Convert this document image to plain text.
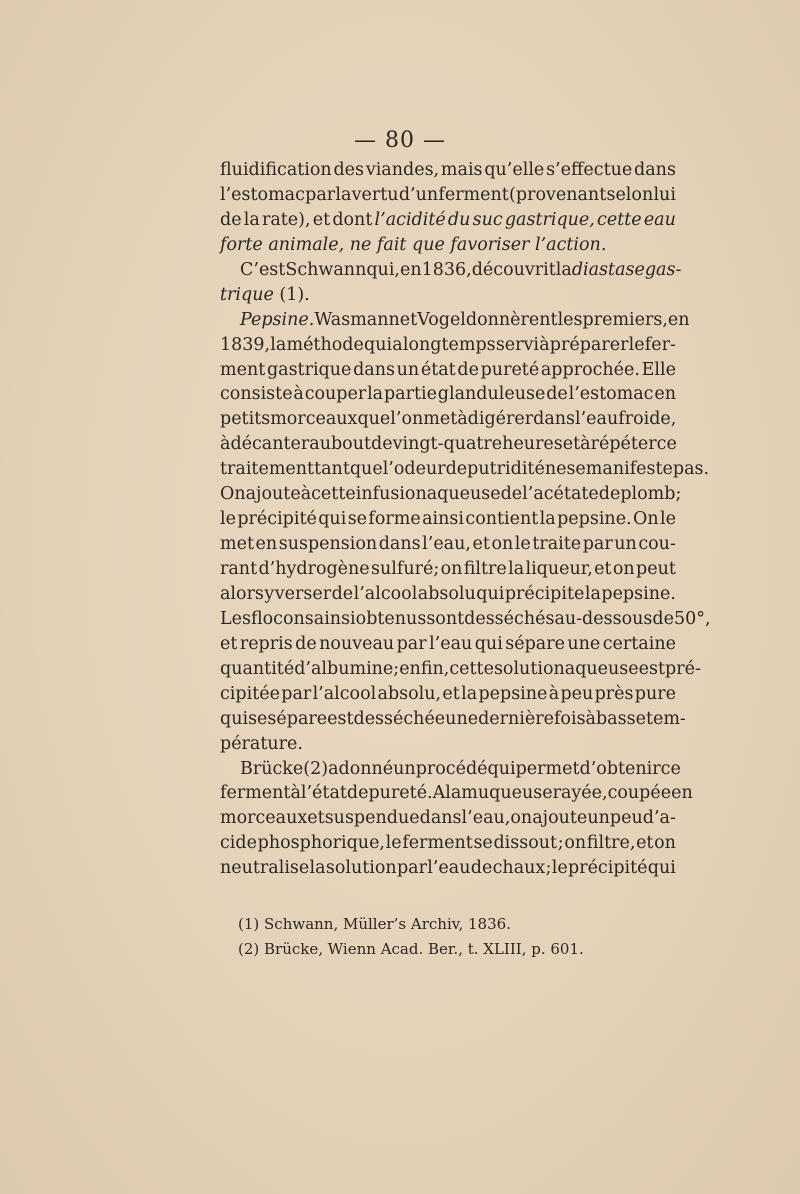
— 80 —
fluidification des viandes, mais qu’elle s’effectue dans
l’estomac par la vertu d’un ferment (provenant selon lui
de la rate), et dont l’acidité du suc gastrique, cette eau
forte animale, ne fait que favoriser l’action.
C’est Schwann qui, en 1836, découvrit la diastase gas-
trique (1).
Pepsine. Wasmann et Vogel donnèrent les premiers, en
1839, la méthode qui a longtemps servi à préparer le fer-
ment gastrique dans un état de pureté approchée. Elle
consiste à couper la partie glanduleuse de l’estomac en
petits morceaux que l’on met à digérer dans l’eau froide,
à décanter au bout de vingt-quatre heures et à répéter ce
traitement tant que l’odeur de putridité ne se manifeste pas.
On ajoute à cette infusion aqueuse de l’acétate de plomb ;
le précipité qui se forme ainsi contient la pepsine. On le
met en suspension dans l’eau, et on le traite par un cou-
rant d’hydrogène sulfuré; on filtre la liqueur, et on peut
alors y verser de l’alcool absolu qui précipite la pepsine.
Les flocons ainsi obtenus sont desséchés au-dessous de 50°,
et repris de nouveau par l’eau qui sépare une certaine
quantité d’albumine ; enfin, cette solution aqueuse est pré-
cipitée par l’alcool absolu, et la pepsine à peu près pure
qui se sépare est desséchée une dernière fois à basse tem-
pérature.
Brücke (2) a donné un procédé qui permet d’obtenir ce
ferment à l’état de pureté. A la muqueuse rayée, coupée en
morceaux et suspendue dans l’eau, on ajoute un peu d’a-
cide phosphorique, le ferment se dissout ; on filtre, et on
neutralise la solution par l’eau de chaux ; le précipité qui
(1) Schwann, Müller’s Archiv, 1836.
(2) Brücke, Wienn Acad. Ber., t. XLIII, p. 601.
